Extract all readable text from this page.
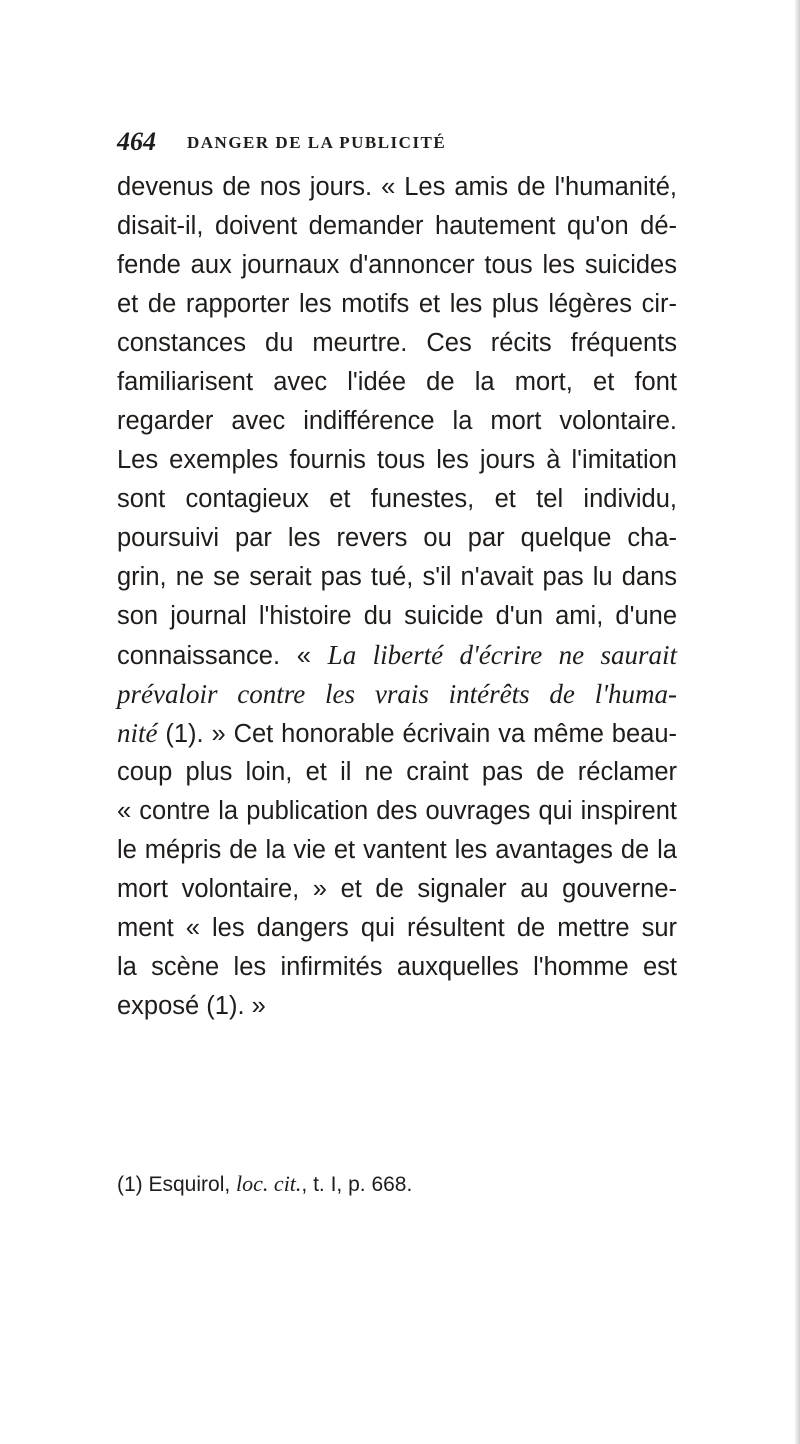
464 DANGER DE LA PUBLICITÉ
devenus de nos jours. « Les amis de l'humanité,
disait-il, doivent demander hautement qu'on dé-
fende aux journaux d'annoncer tous les suicides
et de rapporter les motifs et les plus légères cir-
constances du meurtre. Ces récits fréquents
familiarisent avec l'idée de la mort, et font
regarder avec indifférence la mort volontaire.
Les exemples fournis tous les jours à l'imitation
sont contagieux et funestes, et tel individu,
poursuivi par les revers ou par quelque cha-
grin, ne se serait pas tué, s'il n'avait pas lu dans
son journal l'histoire du suicide d'un ami, d'une
connaissance. « La liberté d'écrire ne saurait
prévaloir contre les vrais intérêts de l'huma-
nité (1). » Cet honorable écrivain va même beau-
coup plus loin, et il ne craint pas de réclamer
« contre la publication des ouvrages qui inspirent
le mépris de la vie et vantent les avantages de la
mort volontaire, » et de signaler au gouverne-
ment « les dangers qui résultent de mettre sur
la scène les infirmités auxquelles l'homme est
exposé (1). »
(1) Esquirol, loc. cit., t. I, p. 668.
